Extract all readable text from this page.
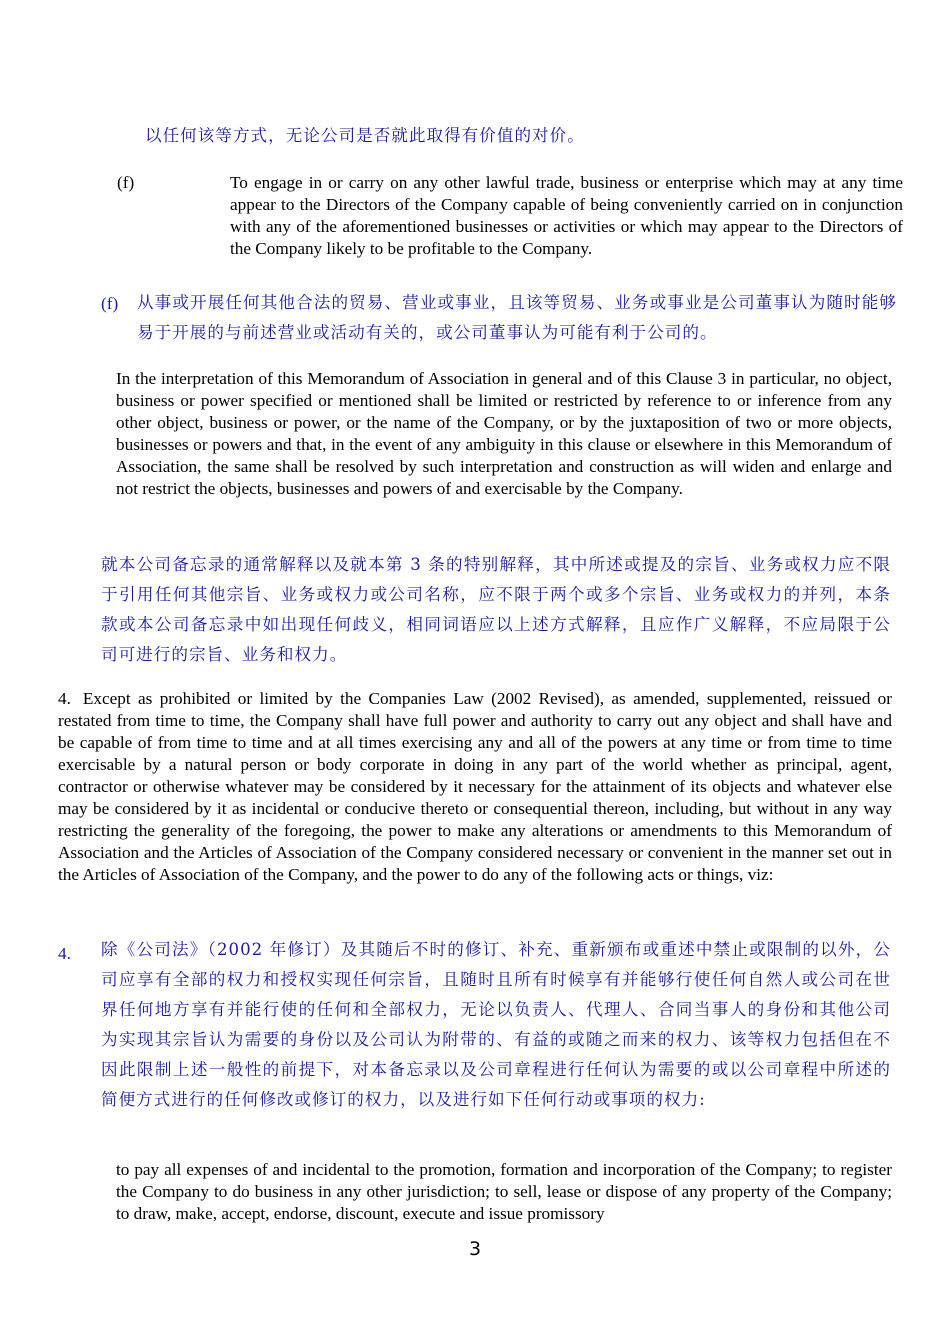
以任何该等方式，无论公司是否就此取得有价值的对价。

(f)	To engage in or carry on any other lawful trade, business or enterprise which may at any time appear to the Directors of the Company capable of being conveniently carried on in conjunction with any of the aforementioned businesses or activities or which may appear to the Directors of the Company likely to be profitable to the Company.

(f) 从事或开展任何其他合法的贸易、营业或事业，且该等贸易、业务或事业是公司董事认为随时能够易于开展的与前述营业或活动有关的，或公司董事认为可能有利于公司的。

In the interpretation of this Memorandum of Association in general and of this Clause 3 in particular, no object, business or power specified or mentioned shall be limited or restricted by reference to or inference from any other object, business or power, or the name of the Company, or by the juxtaposition of two or more objects, businesses or powers and that, in the event of any ambiguity in this clause or elsewhere in this Memorandum of Association, the same shall be resolved by such interpretation and construction as will widen and enlarge and not restrict the objects, businesses and powers of and exercisable by the Company.

就本公司备忘录的通常解释以及就本第 3 条的特别解释，其中所述或提及的宗旨、业务或权力应不限于引用任何其他宗旨、业务或权力或公司名称，应不限于两个或多个宗旨、业务或权力的并列，本条款或本公司备忘录中如出现任何歧义，相同词语应以上述方式解释，且应作广义解释，不应局限于公司可进行的宗旨、业务和权力。

4. Except as prohibited or limited by the Companies Law (2002 Revised), as amended, supplemented, reissued or restated from time to time, the Company shall have full power and authority to carry out any object and shall have and be capable of from time to time and at all times exercising any and all of the powers at any time or from time to time exercisable by a natural person or body corporate in doing in any part of the world whether as principal, agent, contractor or otherwise whatever may be considered by it necessary for the attainment of its objects and whatever else may be considered by it as incidental or conducive thereto or consequential thereon, including, but without in any way restricting the generality of the foregoing, the power to make any alterations or amendments to this Memorandum of Association and the Articles of Association of the Company considered necessary or convenient in the manner set out in the Articles of Association of the Company, and the power to do any of the following acts or things, viz:

4. 除《公司法》（2002 年修订）及其随后不时的修订、补充、重新颁布或重述中禁止或限制的以外，公司应享有全部的权力和授权实现任何宗旨，且随时且所有时候享有并能够行使任何自然人或公司在世界任何地方享有并能行使的任何和全部权力，无论以负责人、代理人、合同当事人的身份和其他公司为实现其宗旨认为需要的身份以及公司认为附带的、有益的或随之而来的权力、该等权力包括但在不因此限制上述一般性的前提下，对本备忘录以及公司章程进行任何认为需要的或以公司章程中所述的简便方式进行的任何修改或修订的权力，以及进行如下任何行动或事项的权力:

to pay all expenses of and incidental to the promotion, formation and incorporation of the Company; to register the Company to do business in any other jurisdiction; to sell, lease or dispose of any property of the Company; to draw, make, accept, endorse, discount, execute and issue promissory

3
